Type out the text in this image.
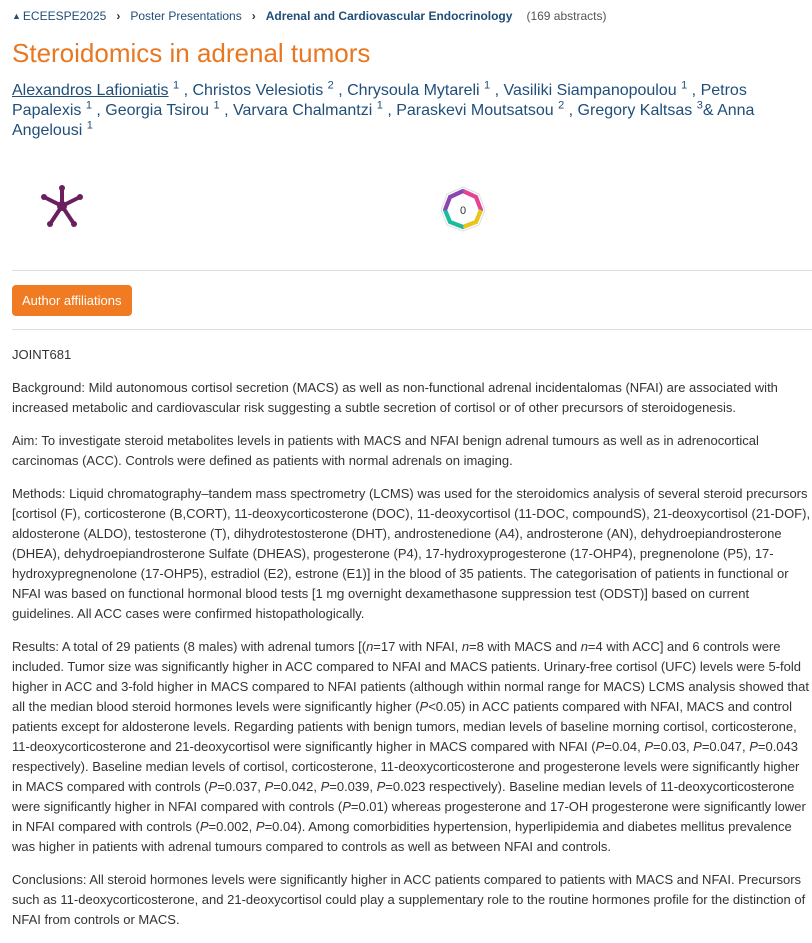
▲ ECEESPE2025 › Poster Presentations › Adrenal and Cardiovascular Endocrinology (169 abstracts)
Steroidomics in adrenal tumors
Alexandros Lafioniatis $^1$ , Christos Velesiotis $^2$ , Chrysoula Mytareli $^1$ , Vasiliki Siampanopoulou $^1$ , Petros Papalexis $^1$ , Georgia Tsirou $^1$ , Varvara Chalmantzi $^1$ , Paraskevi Moutsatsou $^2$ , Gregory Kaltsas $^3$& Anna Angelousi $^1$
0
Author affiliations

JOINT681

Background: Mild autonomous cortisol secretion (MACS) as well as non-functional adrenal incidentalomas (NFAI) are associated with increased metabolic and cardiovascular risk suggesting a subtle secretion of cortisol or of other precursors of steroidogenesis.

Aim: To investigate steroid metabolites levels in patients with MACS and NFAI benign adrenal tumours as well as in adrenocortical carcinomas (ACC). Controls were defined as patients with normal adrenals on imaging.

Methods: Liquid chromatography–tandem mass spectrometry (LCMS) was used for the steroidomics analysis of several steroid precursors [cortisol (F), corticosterone (B,CORT), 11-deoxycorticosterone (DOC), 11-deoxycortisol (11-DOC, compoundS), 21-deoxycortisol (21-DOF), aldosterone (ALDO), testosterone (T), dihydrotestosterone (DHT), androstenedione (A4), androsterone (AN), dehydroepiandrosterone (DHEA), dehydroepiandrosterone Sulfate (DHEAS), progesterone (P4), 17-hydroxyprogesterone (17-OHP4), pregnenolone (P5), 17-hydroxypregnenolone (17-OHP5), estradiol (E2), estrone (E1)] in the blood of 35 patients. The categorisation of patients in functional or NFAI was based on functional hormonal blood tests [1 mg overnight dexamethasone suppression test (ODST)] based on current guidelines. All ACC cases were confirmed histopathologically.

Results: A total of 29 patients (8 males) with adrenal tumors [(n=17 with NFAI, n=8 with MACS and n=4 with ACC] and 6 controls were included. Tumor size was significantly higher in ACC compared to NFAI and MACS patients. Urinary-free cortisol (UFC) levels were 5-fold higher in ACC and 3-fold higher in MACS compared to NFAI patients (although within normal range for MACS) LCMS analysis showed that all the median blood steroid hormones levels were significantly higher (P<0.05) in ACC patients compared with NFAI, MACS and control patients except for aldosterone levels. Regarding patients with benign tumors, median levels of baseline morning cortisol, corticosterone, 11-deoxycorticosterone and 21-deoxycortisol were significantly higher in MACS compared with NFAI (P=0.04, P=0.03, P=0.047, P=0.043 respectively). Baseline median levels of cortisol, corticosterone, 11-deoxycorticosterone and progesterone levels were significantly higher in MACS compared with controls (P=0.037, P=0.042, P=0.039, P=0.023 respectively). Baseline median levels of 11-deoxycorticosterone were significantly higher in NFAI compared with controls (P=0.01) whereas progesterone and 17-OH progesterone were significantly lower in NFAI compared with controls (P=0.002, P=0.04). Among comorbidities hypertension, hyperlipidemia and diabetes mellitus prevalence was higher in patients with adrenal tumours compared to controls as well as between NFAI and controls.

Conclusions: All steroid hormones levels were significantly higher in ACC patients compared to patients with MACS and NFAI. Precursors such as 11-deoxycorticosterone, and 21-deoxycortisol could play a supplementary role to the routine hormones profile for the distinction of NFAI from controls or MACS.
